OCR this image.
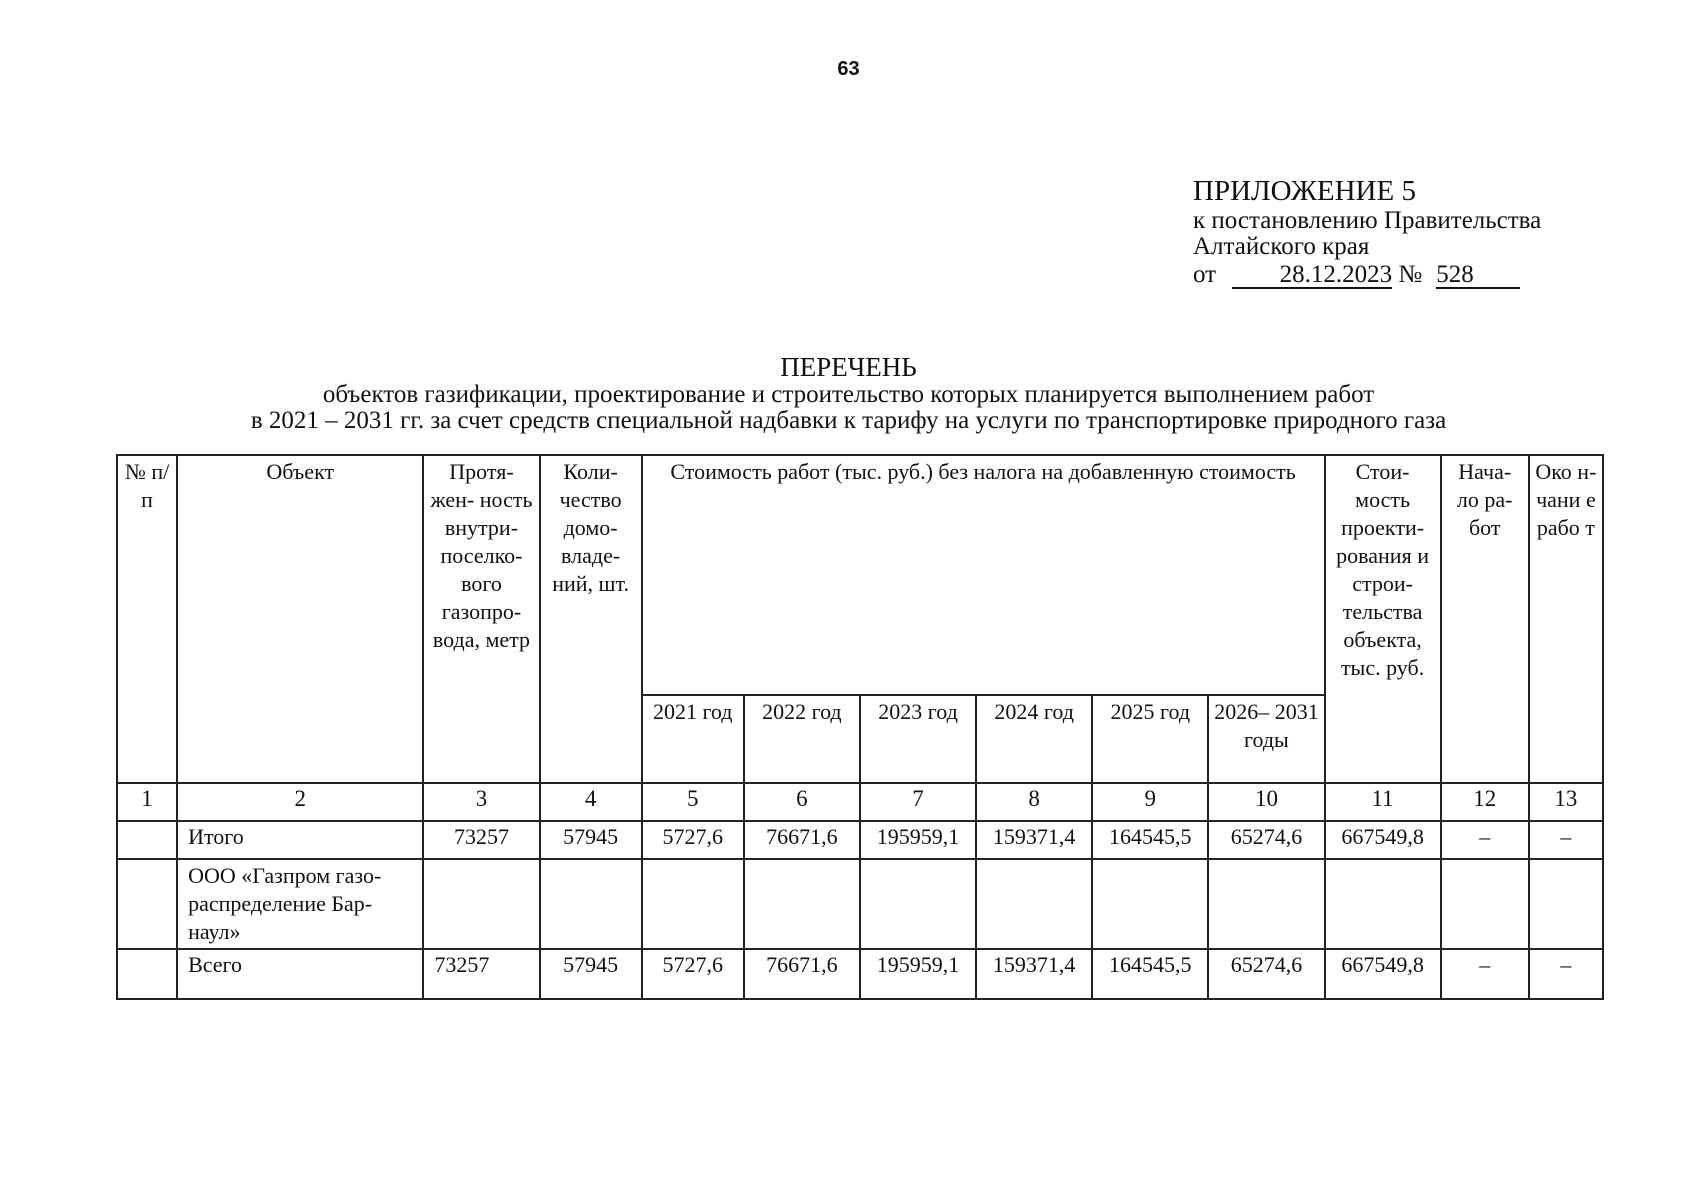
63
ПРИЛОЖЕНИЕ 5
к постановлению Правительства
Алтайского края
от	28.12.2023 № 528
ПЕРЕЧЕНЬ
объектов газификации, проектирование и строительство которых планируется выполнением работ
в 2021 – 2031 гг. за счет средств специальной надбавки к тарифу на услуги по транспортировке природного газа
№ п/п	Объект	Протя- жен- ность внутри- поселко- вого газопро- вода, метр	Коли- чество домо- владе- ний, шт.	Стоимость работ (тыс. руб.) без налога на добавленную стоимость						Стои- мость проекти- рования и строи- тельства объекта, тыс. руб.	Нача- ло ра- бот	Око н- чани е рабо т
				2021 год	2022 год	2023 год	2024 год	2025 год	2026– 2031 годы			
1	2	3	4	5	6	7	8	9	10	11	12	13
	Итого	73257	57945	5727,6	76671,6	195959,1	159371,4	164545,5	65274,6	667549,8	–	–
	ООО «Газпром газо- распределение Бар- наул»											
	Всего	73257	57945	5727,6	76671,6	195959,1	159371,4	164545,5	65274,6	667549,8	–	–
